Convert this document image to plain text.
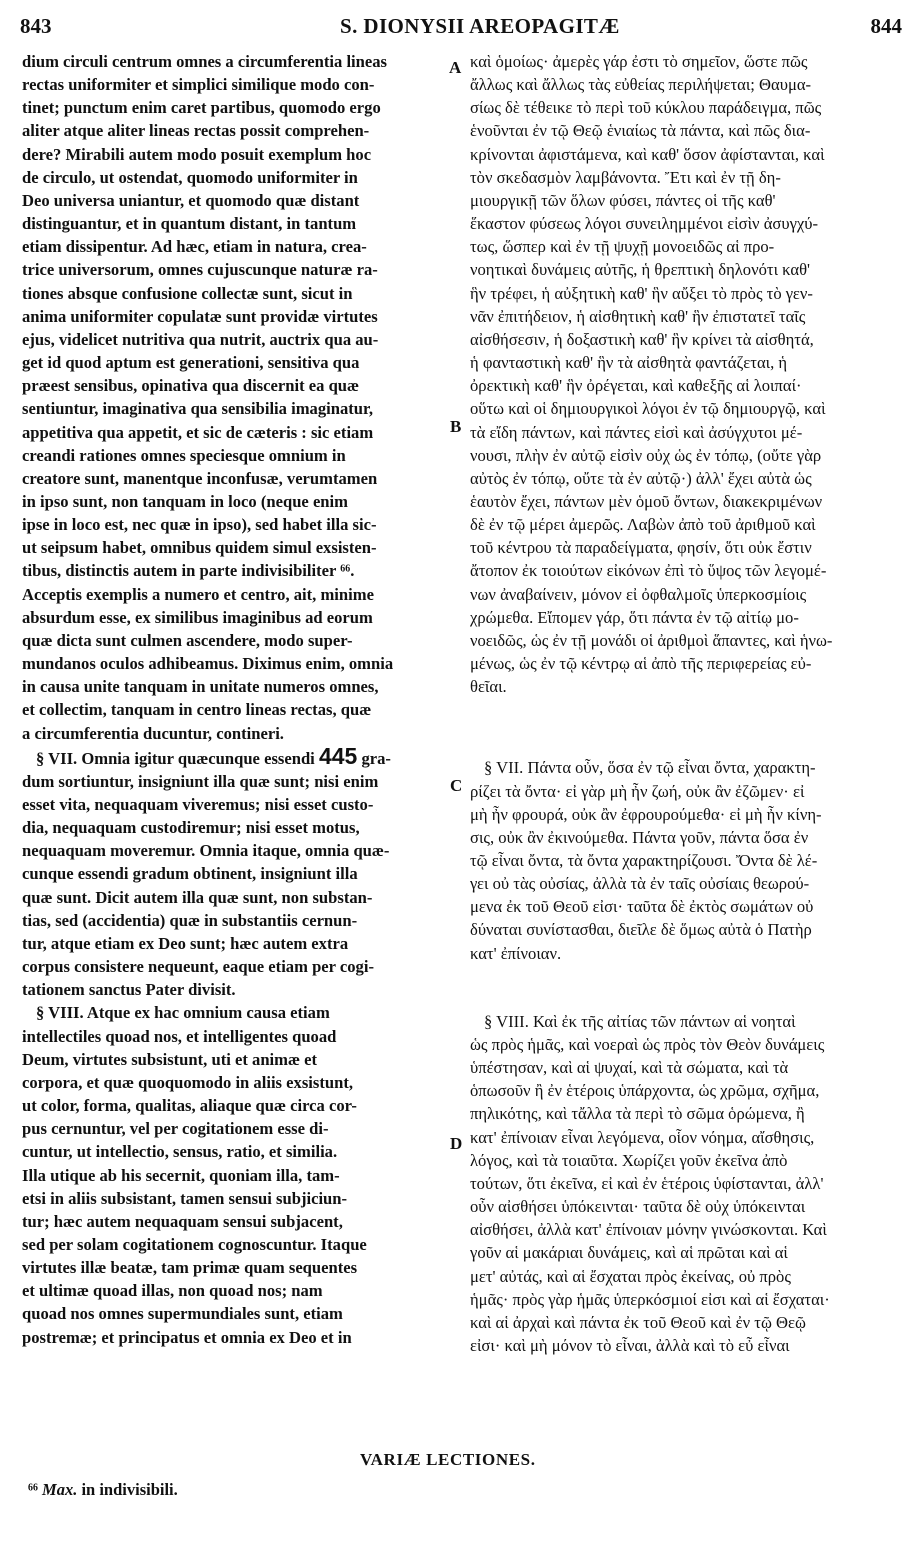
843	S. DIONYSII AREOPAGITÆ	844
A
B
C
D

dium circuli centrum omnes a circumferentia lineas

rectas uniformiter et simplici similique modo con-

tinet; punctum enim caret partibus, quomodo ergo

aliter atque aliter lineas rectas possit comprehen-

dere? Mirabili autem modo posuit exemplum hoc

de circulo, ut ostendat, quomodo uniformiter in

Deo universa uniantur, et quomodo quæ distant

distinguantur, et in quantum distant, in tantum

etiam dissipentur. Ad hæc, etiam in natura, crea-

trice universorum, omnes cujuscunque naturæ ra-

tiones absque confusione collectæ sunt, sicut in

anima uniformiter copulatæ sunt providæ virtutes

ejus, videlicet nutritiva qua nutrit, auctrix qua au-

get id quod aptum est generationi, sensitiva qua

præest sensibus, opinativa qua discernit ea quæ

sentiuntur, imaginativa qua sensibilia imaginatur,

appetitiva qua appetit, et sic de cæteris : sic etiam

creandi rationes omnes speciesque omnium in

creatore sunt, manentque inconfusæ, verumtamen

in ipso sunt, non tanquam in loco (neque enim

ipse in loco est, nec quæ in ipso), sed habet illa sic-

ut seipsum habet, omnibus quidem simul exsisten-

tibus, distinctis autem in parte indivisibiliter ⁶⁶.

Acceptis exemplis a numero et centro, ait, minime

absurdum esse, ex similibus imaginibus ad eorum

quæ dicta sunt culmen ascendere, modo super-

mundanos oculos adhibeamus. Diximus enim, omnia

in causa unite tanquam in unitate numeros omnes,

et collectim, tanquam in centro lineas rectas, quæ

a circumferentia ducuntur, contineri.

§ VII. Omnia igitur quæcunque essendi 445 gra-

dum sortiuntur, insigniunt illa quæ sunt; nisi enim

esset vita, nequaquam viveremus; nisi esset custo-

dia, nequaquam custodiremur; nisi esset motus,

nequaquam moveremur. Omnia itaque, omnia quæ-

cunque essendi gradum obtinent, insigniunt illa

quæ sunt. Dicit autem illa quæ sunt, non substan-

tias, sed (accidentia) quæ in substantiis cernun-

tur, atque etiam ex Deo sunt; hæc autem extra

corpus consistere nequeunt, eaque etiam per cogi-

tationem sanctus Pater divisit.

§ VIII. Atque ex hac omnium causa etiam

intellectiles quoad nos, et intelligentes quoad

Deum, virtutes subsistunt, uti et animæ et

corpora, et quæ quoquomodo in aliis exsistunt,

ut color, forma, qualitas, aliaque quæ circa cor-

pus cernuntur, vel per cogitationem esse di-

cuntur, ut intellectio, sensus, ratio, et similia.

Illa utique ab his secernit, quoniam illa, tam-

etsi in aliis subsistant, tamen sensui subjiciun-

tur; hæc autem nequaquam sensui subjacent,

sed per solam cogitationem cognoscuntur. Itaque

virtutes illæ beatæ, tam primæ quam sequentes

et ultimæ quoad illas, non quoad nos; nam

quoad nos omnes supermundiales sunt, etiam

postremæ; et principatus et omnia ex Deo et in

καὶ ὁμοίως· ἀμερὲς γάρ ἐστι τὸ σημεῖον, ὥστε πῶς

ἄλλως καὶ ἄλλως τὰς εὐθείας περιλήψεται; Θαυμα-

σίως δὲ τέθεικε τὸ περὶ τοῦ κύκλου παράδειγμα, πῶς

ἑνοῦνται ἐν τῷ Θεῷ ἑνιαίως τὰ πάντα, καὶ πῶς δια-

κρίνονται ἀφιστάμενα, καὶ καθ' ὅσον ἀφίστανται, καὶ

τὸν σκεδασμὸν λαμβάνοντα. Ἔτι καὶ ἐν τῇ δη-

μιουργικῇ τῶν ὅλων φύσει, πάντες οἱ τῆς καθ'

ἕκαστον φύσεως λόγοι συνειλημμένοι εἰσὶν ἀσυγχύ-

τως, ὥσπερ καὶ ἐν τῇ ψυχῇ μονοειδῶς αἱ προ-

νοητικαὶ δυνάμεις αὐτῆς, ἡ θρεπτικὴ δηλονότι καθ'

ἣν τρέφει, ἡ αὐξητικὴ καθ' ἣν αὔξει τὸ πρὸς τὸ γεν-

νᾶν ἐπιτήδειον, ἡ αἰσθητικὴ καθ' ἣν ἐπιστατεῖ ταῖς

αἰσθήσεσιν, ἡ δοξαστικὴ καθ' ἣν κρίνει τὰ αἰσθητά,

ἡ φανταστικὴ καθ' ἣν τὰ αἰσθητὰ φαντάζεται, ἡ

ὀρεκτικὴ καθ' ἣν ὀρέγεται, καὶ καθεξῆς αἱ λοιπαί·

οὕτω καὶ οἱ δημιουργικοὶ λόγοι ἐν τῷ δημιουργῷ, καὶ

τὰ εἴδη πάντων, καὶ πάντες εἰσὶ καὶ ἀσύγχυτοι μέ-

νουσι, πλὴν ἐν αὐτῷ εἰσὶν οὐχ ὡς ἐν τόπῳ, (οὔτε γὰρ

αὐτὸς ἐν τόπῳ, οὔτε τὰ ἐν αὐτῷ·) ἀλλ' ἔχει αὐτὰ ὡς

ἑαυτὸν ἔχει, πάντων μὲν ὁμοῦ ὄντων, διακεκριμένων

δὲ ἐν τῷ μέρει ἀμερῶς. Λαβὼν ἀπὸ τοῦ ἀριθμοῦ καὶ

τοῦ κέντρου τὰ παραδείγματα, φησίν, ὅτι οὐκ ἔστιν

ἄτοπον ἐκ τοιούτων εἰκόνων ἐπὶ τὸ ὕψος τῶν λεγομέ-

νων ἀναβαίνειν, μόνον εἰ ὀφθαλμοῖς ὑπερκοσμίοις

χρώμεθα. Εἴπομεν γάρ, ὅτι πάντα ἐν τῷ αἰτίῳ μο-

νοειδῶς, ὡς ἐν τῇ μονάδι οἱ ἀριθμοὶ ἅπαντες, καὶ ἡνω-

μένως, ὡς ἐν τῷ κέντρῳ αἱ ἀπὸ τῆς περιφερείας εὐ-

θεῖαι.

§ VII. Πάντα οὖν, ὅσα ἐν τῷ εἶναι ὄντα, χαρακτη-

ρίζει τὰ ὄντα· εἰ γὰρ μὴ ἦν ζωή, οὐκ ἂν ἐζῶμεν· εἰ

μὴ ἦν φρουρά, οὐκ ἂν ἐφρουρούμεθα· εἰ μὴ ἦν κίνη-

σις, οὐκ ἂν ἐκινούμεθα. Πάντα γοῦν, πάντα ὅσα ἐν

τῷ εἶναι ὄντα, τὰ ὄντα χαρακτηρίζουσι. Ὄντα δὲ λέ-

γει οὐ τὰς οὐσίας, ἀλλὰ τὰ ἐν ταῖς οὐσίαις θεωρού-

μενα ἐκ τοῦ Θεοῦ εἰσι· ταῦτα δὲ ἐκτὸς σωμάτων οὐ

δύναται συνίστασθαι, διεῖλε δὲ ὅμως αὐτὰ ὁ Πατὴρ

κατ' ἐπίνοιαν.

§ VIII. Καὶ ἐκ τῆς αἰτίας τῶν πάντων αἱ νοηταὶ

ὡς πρὸς ἡμᾶς, καὶ νοεραὶ ὡς πρὸς τὸν Θεὸν δυνάμεις

ὑπέστησαν, καὶ αἱ ψυχαί, καὶ τὰ σώματα, καὶ τὰ

ὁπωσοῦν ἢ ἐν ἑτέροις ὑπάρχοντα, ὡς χρῶμα, σχῆμα,

πηλικότης, καὶ τἄλλα τὰ περὶ τὸ σῶμα ὁρώμενα, ἢ

κατ' ἐπίνοιαν εἶναι λεγόμενα, οἷον νόημα, αἴσθησις,

λόγος, καὶ τὰ τοιαῦτα. Χωρίζει γοῦν ἐκεῖνα ἀπὸ

τούτων, ὅτι ἐκεῖνα, εἰ καὶ ἐν ἑτέροις ὑφίστανται, ἀλλ'

οὖν αἰσθήσει ὑπόκεινται· ταῦτα δὲ οὐχ ὑπόκεινται

αἰσθήσει, ἀλλὰ κατ' ἐπίνοιαν μόνην γινώσκονται. Καὶ

γοῦν αἱ μακάριαι δυνάμεις, καὶ αἱ πρῶται καὶ αἱ

μετ' αὐτάς, καὶ αἱ ἔσχαται πρὸς ἐκείνας, οὐ πρὸς

ἡμᾶς· πρὸς γὰρ ἡμᾶς ὑπερκόσμιοί εἰσι καὶ αἱ ἔσχαται·

καὶ αἱ ἀρχαὶ καὶ πάντα ἐκ τοῦ Θεοῦ καὶ ἐν τῷ Θεῷ

εἰσι· καὶ μὴ μόνον τὸ εἶναι, ἀλλὰ καὶ τὸ εὖ εἶναι

VARIÆ LECTIONES.
⁶⁶ Max. in indivisibili.
